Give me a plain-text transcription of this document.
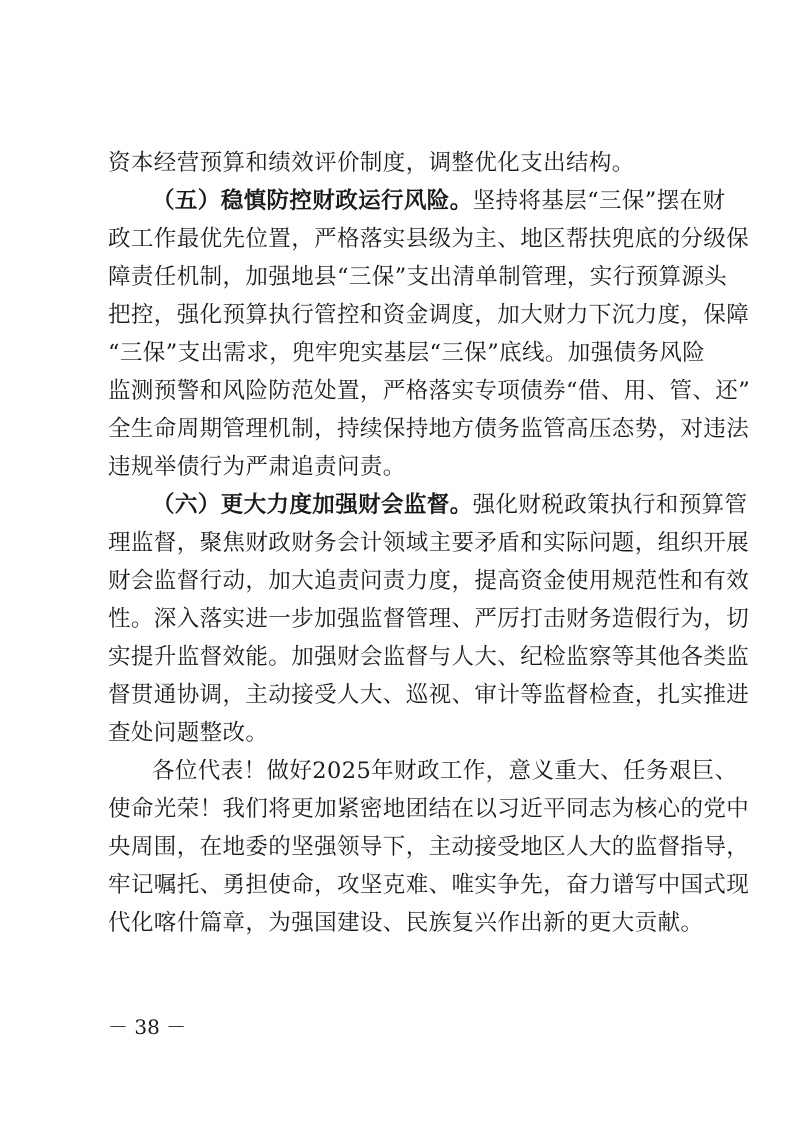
资本经营预算和绩效评价制度，调整优化支出结构。
（五）稳慎防控财政运行风险。坚持将基层“三保”摆在财
政工作最优先位置，严格落实县级为主、地区帮扶兜底的分级保
障责任机制，加强地县“三保”支出清单制管理，实行预算源头
把控，强化预算执行管控和资金调度，加大财力下沉力度，保障
“三保”支出需求，兜牢兜实基层“三保”底线。加强债务风险
监测预警和风险防范处置，严格落实专项债券“借、用、管、还”
全生命周期管理机制，持续保持地方债务监管高压态势，对违法
违规举债行为严肃追责问责。
（六）更大力度加强财会监督。强化财税政策执行和预算管
理监督，聚焦财政财务会计领域主要矛盾和实际问题，组织开展
财会监督行动，加大追责问责力度，提高资金使用规范性和有效
性。深入落实进一步加强监督管理、严厉打击财务造假行为，切
实提升监督效能。加强财会监督与人大、纪检监察等其他各类监
督贯通协调，主动接受人大、巡视、审计等监督检查，扎实推进
查处问题整改。
各位代表！做好2025年财政工作，意义重大、任务艰巨、
使命光荣！我们将更加紧密地团结在以习近平同志为核心的党中
央周围，在地委的坚强领导下，主动接受地区人大的监督指导，
牢记嘱托、勇担使命，攻坚克难、唯实争先，奋力谱写中国式现
代化喀什篇章，为强国建设、民族复兴作出新的更大贡献。
－ 38 －
